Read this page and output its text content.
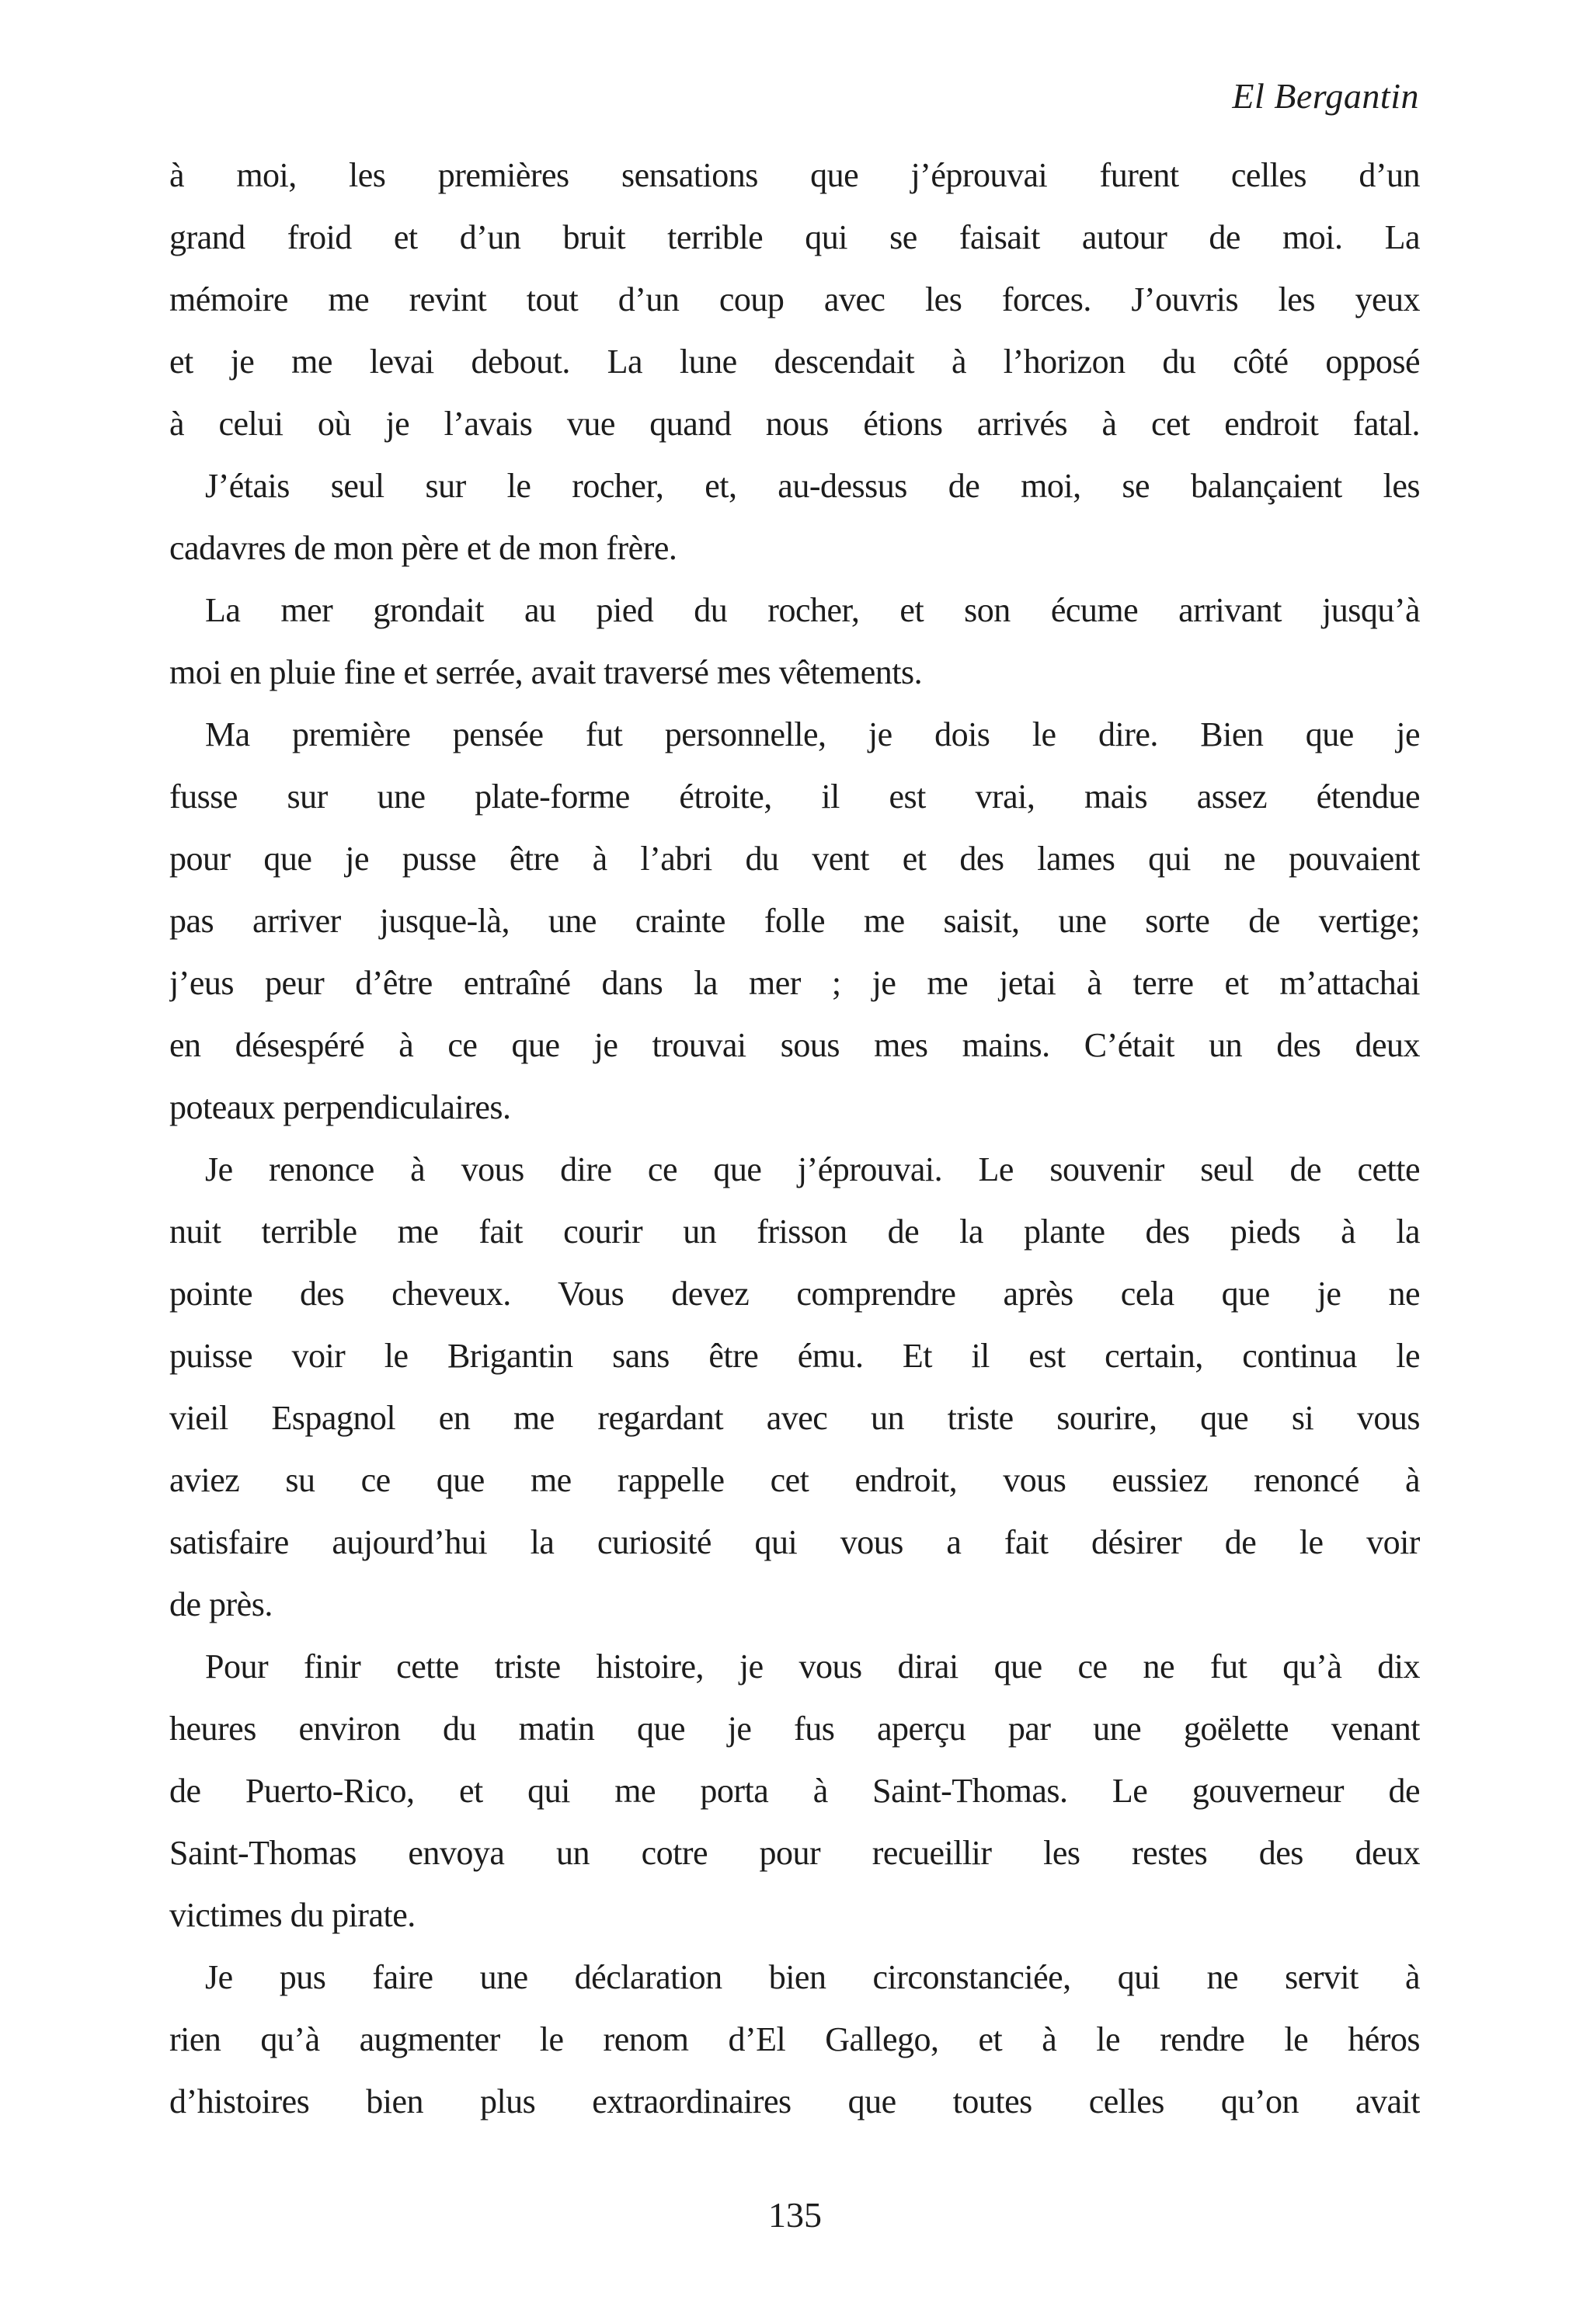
El Bergantin
à moi, les premières sensations que j’éprouvai furent celles d’un
grand froid et d’un bruit terrible qui se faisait autour de moi. La
mémoire me revint tout d’un coup avec les forces. J’ouvris les yeux
et je me levai debout. La lune descendait à l’horizon du côté opposé
à celui où je l’avais vue quand nous étions arrivés à cet endroit fatal.
J’étais seul sur le rocher, et, au-dessus de moi, se balançaient les
cadavres de mon père et de mon frère.
La mer grondait au pied du rocher, et son écume arrivant jusqu’à
moi en pluie fine et serrée, avait traversé mes vêtements.
Ma première pensée fut personnelle, je dois le dire. Bien que je
fusse sur une plate-forme étroite, il est vrai, mais assez étendue
pour que je pusse être à l’abri du vent et des lames qui ne pouvaient
pas arriver jusque-là, une crainte folle me saisit, une sorte de vertige;
j’eus peur d’être entraîné dans la mer ; je me jetai à terre et m’attachai
en désespéré à ce que je trouvai sous mes mains. C’était un des deux
poteaux perpendiculaires.
Je renonce à vous dire ce que j’éprouvai. Le souvenir seul de cette
nuit terrible me fait courir un frisson de la plante des pieds à la
pointe des cheveux. Vous devez comprendre après cela que je ne
puisse voir le Brigantin sans être ému. Et il est certain, continua le
vieil Espagnol en me regardant avec un triste sourire, que si vous
aviez su ce que me rappelle cet endroit, vous eussiez renoncé à
satisfaire aujourd’hui la curiosité qui vous a fait désirer de le voir
de près.
Pour finir cette triste histoire, je vous dirai que ce ne fut qu’à dix
heures environ du matin que je fus aperçu par une goëlette venant
de Puerto-Rico, et qui me porta à Saint-Thomas. Le gouverneur de
Saint-Thomas envoya un cotre pour recueillir les restes des deux
victimes du pirate.
Je pus faire une déclaration bien circonstanciée, qui ne servit à
rien qu’à augmenter le renom d’El Gallego, et à le rendre le héros
d’histoires bien plus extraordinaires que toutes celles qu’on avait
135
